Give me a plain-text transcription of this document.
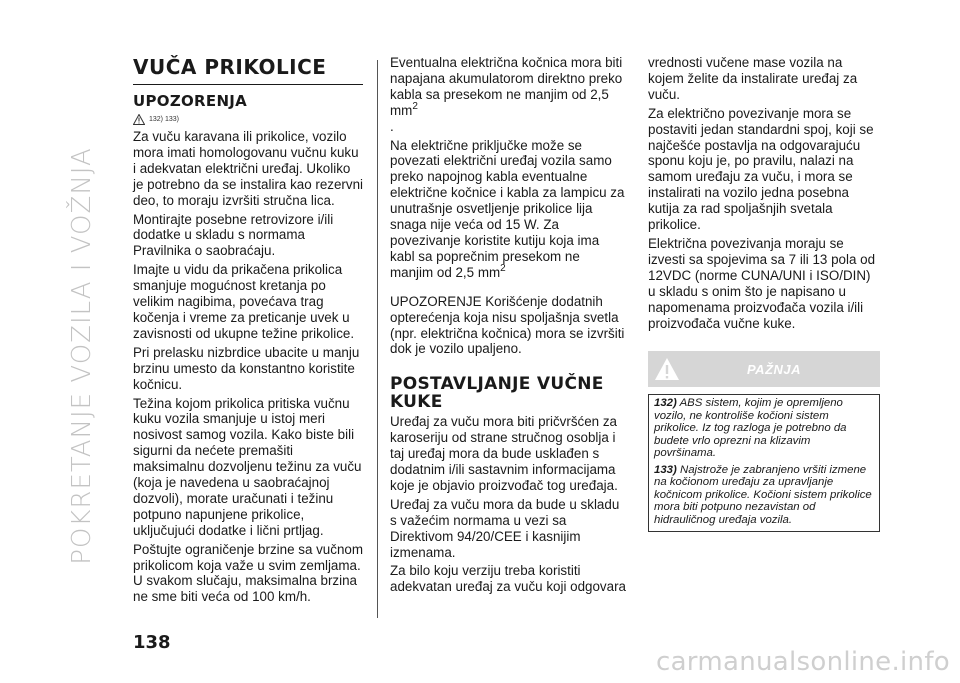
POKRETANJE VOZILA I VOŽNJA
VUČA PRIKOLICE
UPOZORENJA
132) 133)

Za vuču karavana ili prikolice, vozilo mora imati homologovanu vučnu kuku i adekvatan električni uređaj. Ukoliko je potrebno da se instalira kao rezervni deo, to moraju izvršiti stručna lica.

Montirajte posebne retrovizore i/ili dodatke u skladu s normama Pravilnika o saobraćaju.

Imajte u vidu da prikačena prikolica smanjuje mogućnost kretanja po velikim nagibima, povećava trag kočenja i vreme za preticanje uvek u zavisnosti od ukupne težine prikolice.

Pri prelasku nizbrdice ubacite u manju brzinu umesto da konstantno koristite kočnicu.

Težina kojom prikolica pritiska vučnu kuku vozila smanjuje u istoj meri nosivost samog vozila. Kako biste bili sigurni da nećete premašiti maksimalnu dozvoljenu težinu za vuču (koja je navedena u saobraćajnoj dozvoli), morate uračunati i težinu potpuno napunjene prikolice, uključujući dodatke i lični prtljag.

Poštujte ograničenje brzine sa vučnom prikolicom koja važe u svim zemljama. U svakom slučaju, maksimalna brzina ne sme biti veća od 100 km/h.

Eventualna električna kočnica mora biti napajana akumulatorom direktno preko kabla sa presekom ne manjim od 2,5 $mm^2$
.

Na električne priključke može se povezati električni uređaj vozila samo preko napojnog kabla eventualne električne kočnice i kabla za lampicu za unutrašnje osvetljenje prikolice lija snaga nije veća od 15 W. Za povezivanje koristite kutiju koja ima kabl sa poprečnim presekom ne manjim od 2,5 $mm^2$

UPOZORENJE Korišćenje dodatnih opterećenja koja nisu spoljašnja svetla (npr. električna kočnica) mora se izvršiti dok je vozilo upaljeno.

POSTAVLJANJE VUČNE KUKE

Uređaj za vuču mora biti pričvršćen za karoseriju od strane stručnog osoblja i taj uređaj mora da bude usklađen s dodatnim i/ili sastavnim informacijama koje je objavio proizvođač tog uređaja.

Uređaj za vuču mora da bude u skladu s važećim normama u vezi sa Direktivom 94/20/CEE i kasnijim izmenama.

Za bilo koju verziju treba koristiti adekvatan uređaj za vuču koji odgovara

vrednosti vučene mase vozila na kojem želite da instalirate uređaj za vuču.

Za električno povezivanje mora se postaviti jedan standardni spoj, koji se najčešće postavlja na odgovarajuću sponu koju je, po pravilu, nalazi na samom uređaju za vuču, i mora se instalirati na vozilo jedna posebna kutija za rad spoljašnjih svetala prikolice.

Električna povezivanja moraju se izvesti sa spojevima sa 7 ili 13 pola od 12VDC (norme CUNA/UNI i ISO/DIN) u skladu s onim što je napisano u napomenama proizvođača vozila i/ili proizvođača vučne kuke.

PAŽNJA

132) ABS sistem, kojim je opremljeno vozilo, ne kontroliše kočioni sistem prikolice. Iz tog razloga je potrebno da budete vrlo oprezni na klizavim površinama.

133) Najstrože je zabranjeno vršiti izmene na kočionom uređaju za upravljanje kočnicom prikolice. Kočioni sistem prikolice mora biti potpuno nezavistan od hidrauličnog uređaja vozila.

138
carmanualsonline.info
